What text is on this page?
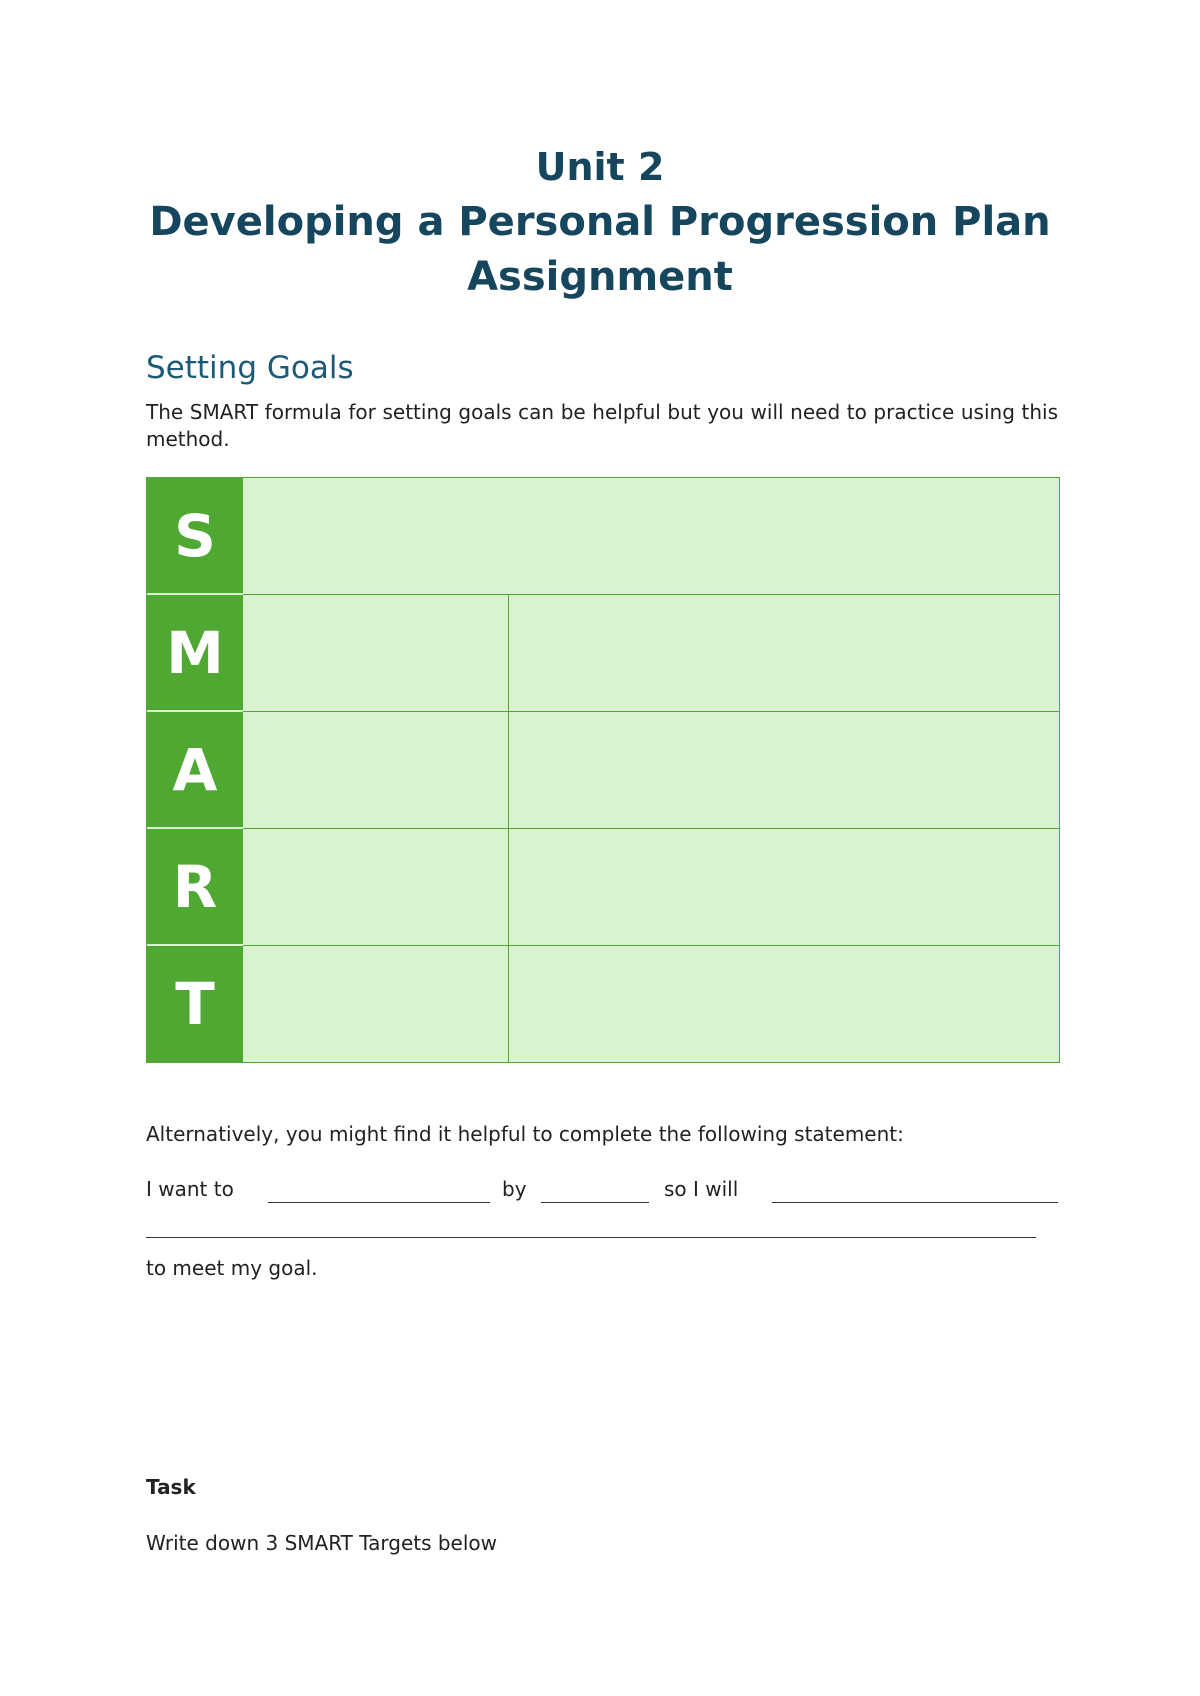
Unit 2
Developing a Personal Progression Plan
Assignment
Setting Goals
The SMART formula for setting goals can be helpful but you will need to practice using this method.
S
M
A
R
T
Alternatively, you might find it helpful to complete the following statement:
I want to	by	so I will
to meet my goal.
Task
Write down 3 SMART Targets below
